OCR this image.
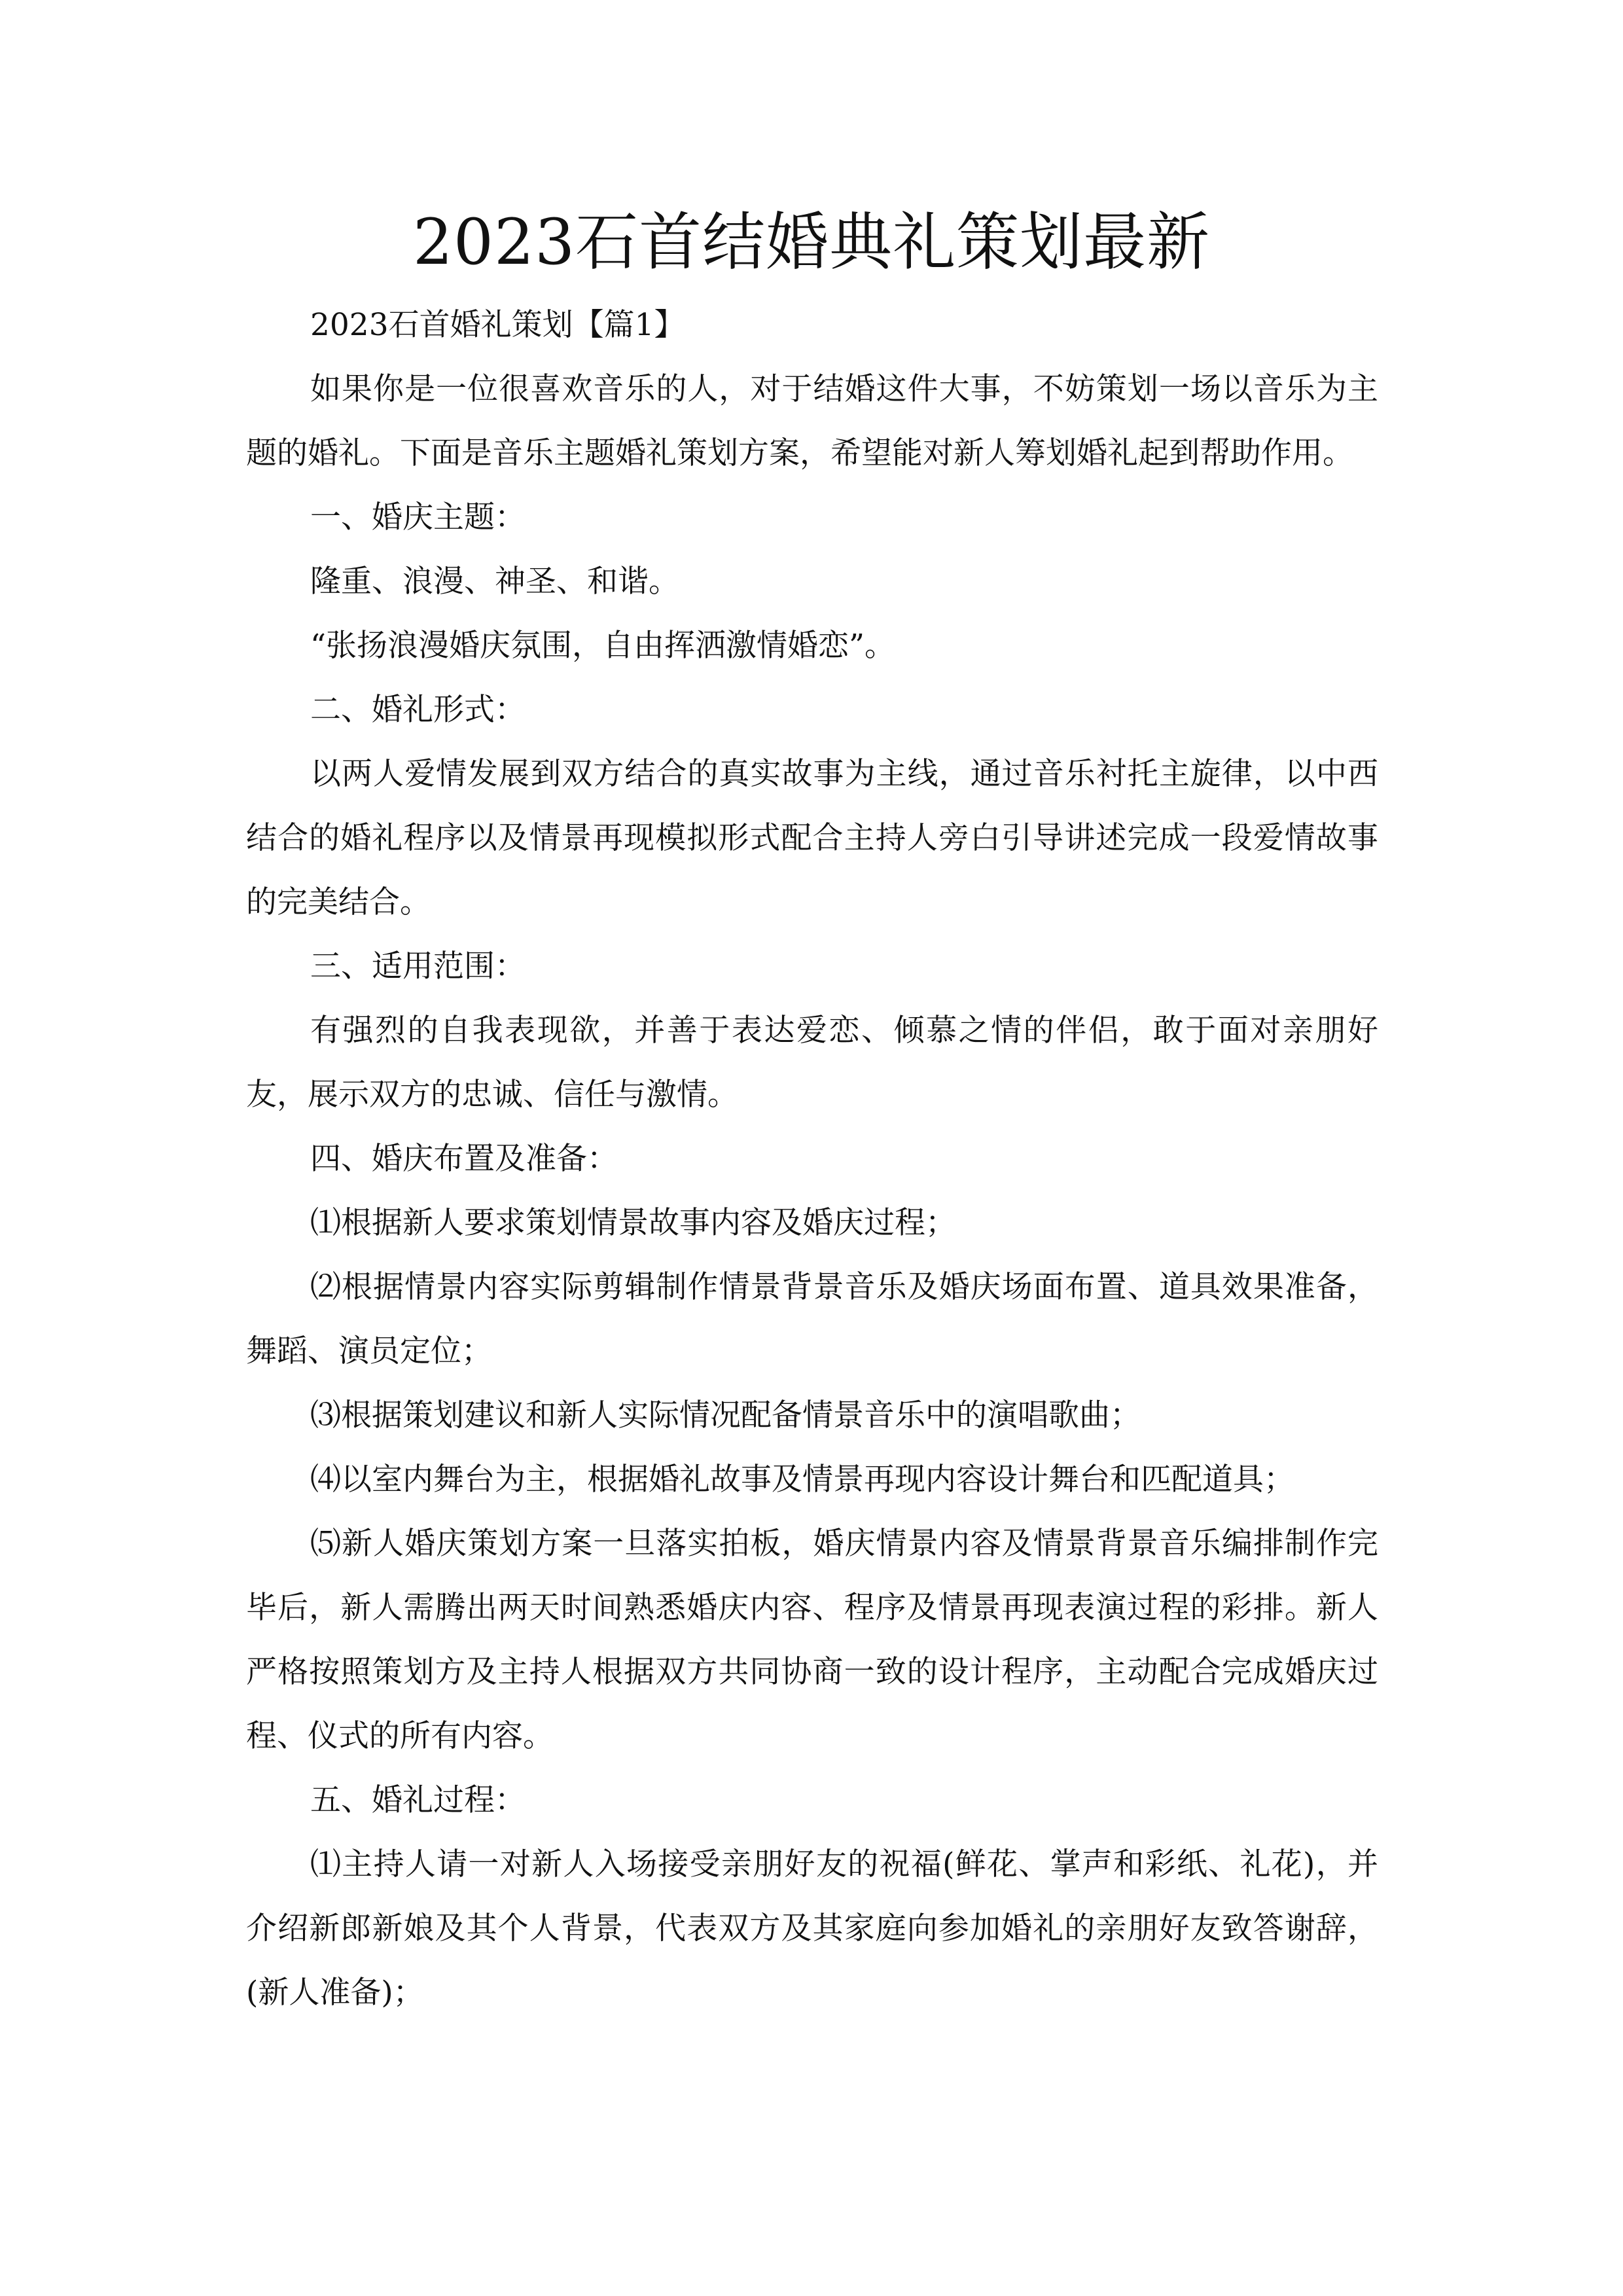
2023石首结婚典礼策划最新

2023石首婚礼策划【篇1】

如果你是一位很喜欢音乐的人，对于结婚这件大事，不妨策划一场以音乐为主题的婚礼。下面是音乐主题婚礼策划方案，希望能对新人筹划婚礼起到帮助作用。

一、婚庆主题：

隆重、浪漫、神圣、和谐。

“张扬浪漫婚庆氛围，自由挥洒激情婚恋”。

二、婚礼形式：

以两人爱情发展到双方结合的真实故事为主线，通过音乐衬托主旋律，以中西结合的婚礼程序以及情景再现模拟形式配合主持人旁白引导讲述完成一段爱情故事的完美结合。

三、适用范围：

有强烈的自我表现欲，并善于表达爱恋、倾慕之情的伴侣，敢于面对亲朋好友，展示双方的忠诚、信任与激情。

四、婚庆布置及准备：

⑴根据新人要求策划情景故事内容及婚庆过程；

⑵根据情景内容实际剪辑制作情景背景音乐及婚庆场面布置、道具效果准备，舞蹈、演员定位；

⑶根据策划建议和新人实际情况配备情景音乐中的演唱歌曲；

⑷以室内舞台为主，根据婚礼故事及情景再现内容设计舞台和匹配道具；

⑸新人婚庆策划方案一旦落实拍板，婚庆情景内容及情景背景音乐编排制作完毕后，新人需腾出两天时间熟悉婚庆内容、程序及情景再现表演过程的彩排。新人严格按照策划方及主持人根据双方共同协商一致的设计程序，主动配合完成婚庆过程、仪式的所有内容。

五、婚礼过程：

⑴主持人请一对新人入场接受亲朋好友的祝福(鲜花、掌声和彩纸、礼花)，并介绍新郎新娘及其个人背景，代表双方及其家庭向参加婚礼的亲朋好友致答谢辞，(新人准备)；
